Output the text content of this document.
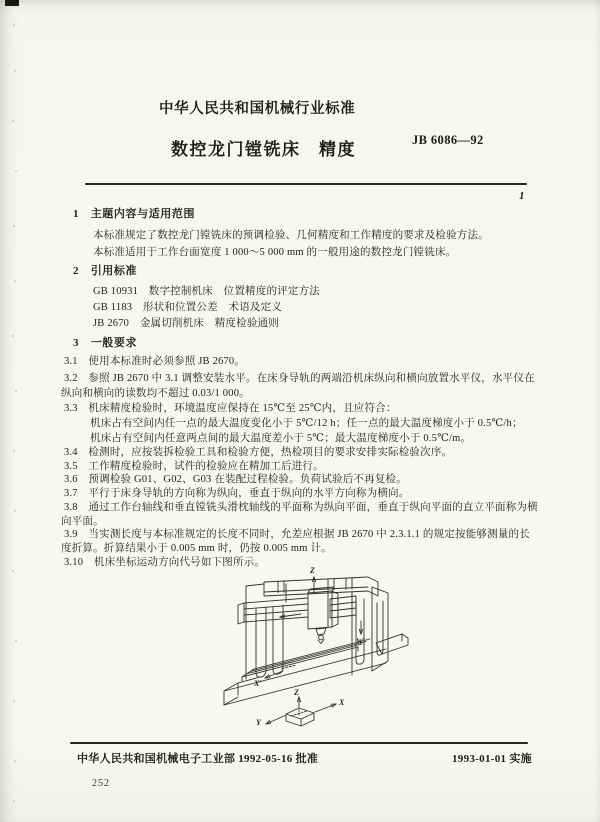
中华人民共和国机械行业标准
数控龙门镗铣床　精度	JB 6086—92
1
1　主题内容与适用范围
本标准规定了数控龙门镗铣床的预调检验、几何精度和工作精度的要求及检验方法。
本标准适用于工作台面宽度 1 000～5 000 mm 的一般用途的数控龙门镗铣床。
2　引用标准
GB 10931　数字控制机床　位置精度的评定方法
GB 1183　形状和位置公差　术语及定义
JB 2670　金属切削机床　精度检验通则
3　一般要求
3.1　使用本标准时必须参照 JB 2670。
3.2　参照 JB 2670 中 3.1 调整安装水平。在床身导轨的两端沿机床纵向和横向放置水平仪，水平仪在
纵向和横向的读数均不超过 0.03/1 000。
3.3　机床精度检验时，环境温度应保持在 15℃至 25℃内，且应符合：
机床占有空间内任一点的最大温度变化小于 5℃/12 h；任一点的最大温度梯度小于 0.5℃/h；
机床占有空间内任意两点间的最大温度差小于 5℃；最大温度梯度小于 0.5℃/m。
3.4　检测时，应按装拆检验工具和检验方便，热检项目的要求安排实际检验次序。
3.5　工作精度检验时，试件的检验应在精加工后进行。
3.6　预调检验 G01、G02、G03 在装配过程检验。负荷试验后不再复检。
3.7　平行于床身导轨的方向称为纵向，垂直于纵向的水平方向称为横向。
3.8　通过工作台轴线和垂直镗铣头滑枕轴线的平面称为纵向平面，垂直于纵向平面的直立平面称为横
向平面。
3.9　当实测长度与本标准规定的长度不同时，允差应根据 JB 2670 中 2.3.1.1 的规定按能够测量的长
度折算。折算结果小于 0.005 mm 时，仍按 0.005 mm 计。
3.10　机床坐标运动方向代号如下图所示。
Z
W′
X′
Z
X
Y
中华人民共和国机械电子工业部 1992-05-16 批准	1993-01-01 实施
252
